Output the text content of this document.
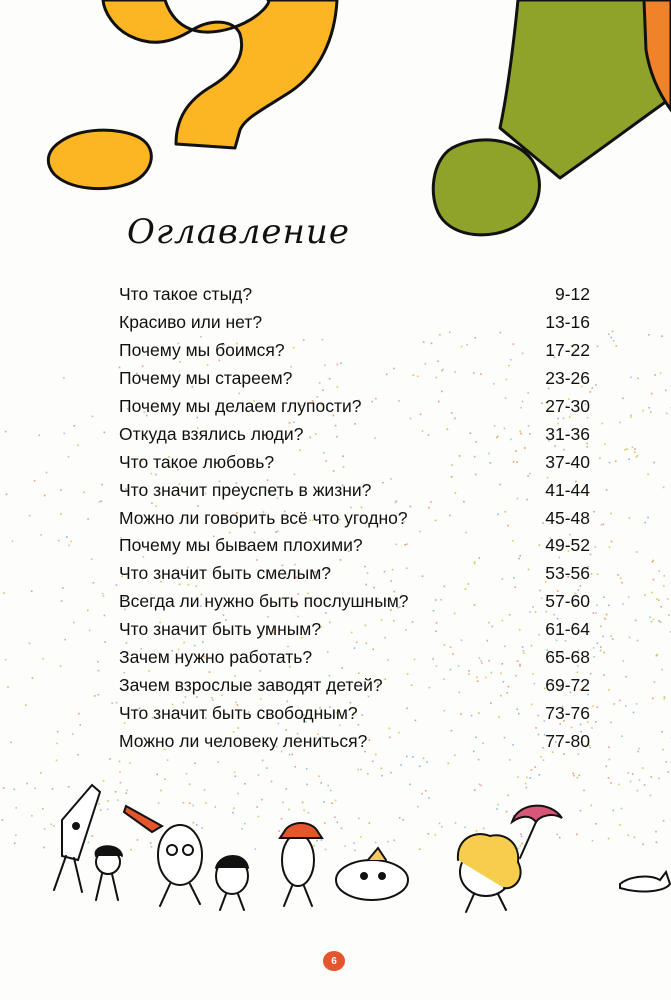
Оглавление
Что такое стыд?	9-12
Красиво или нет?	13-16
Почему мы боимся?	17-22
Почему мы стареем?	23-26
Почему мы делаем глупости?	27-30
Откуда взялись люди?	31-36
Что такое любовь?	37-40
Что значит преуспеть в жизни?	41-44
Можно ли говорить всё что угодно?	45-48
Почему мы бываем плохими?	49-52
Что значит быть смелым?	53-56
Всегда ли нужно быть послушным?	57-60
Что значит быть умным?	61-64
Зачем нужно работать?	65-68
Зачем взрослые заводят детей?	69-72
Что значит быть свободным?	73-76
Можно ли человеку лениться?	77-80
6
